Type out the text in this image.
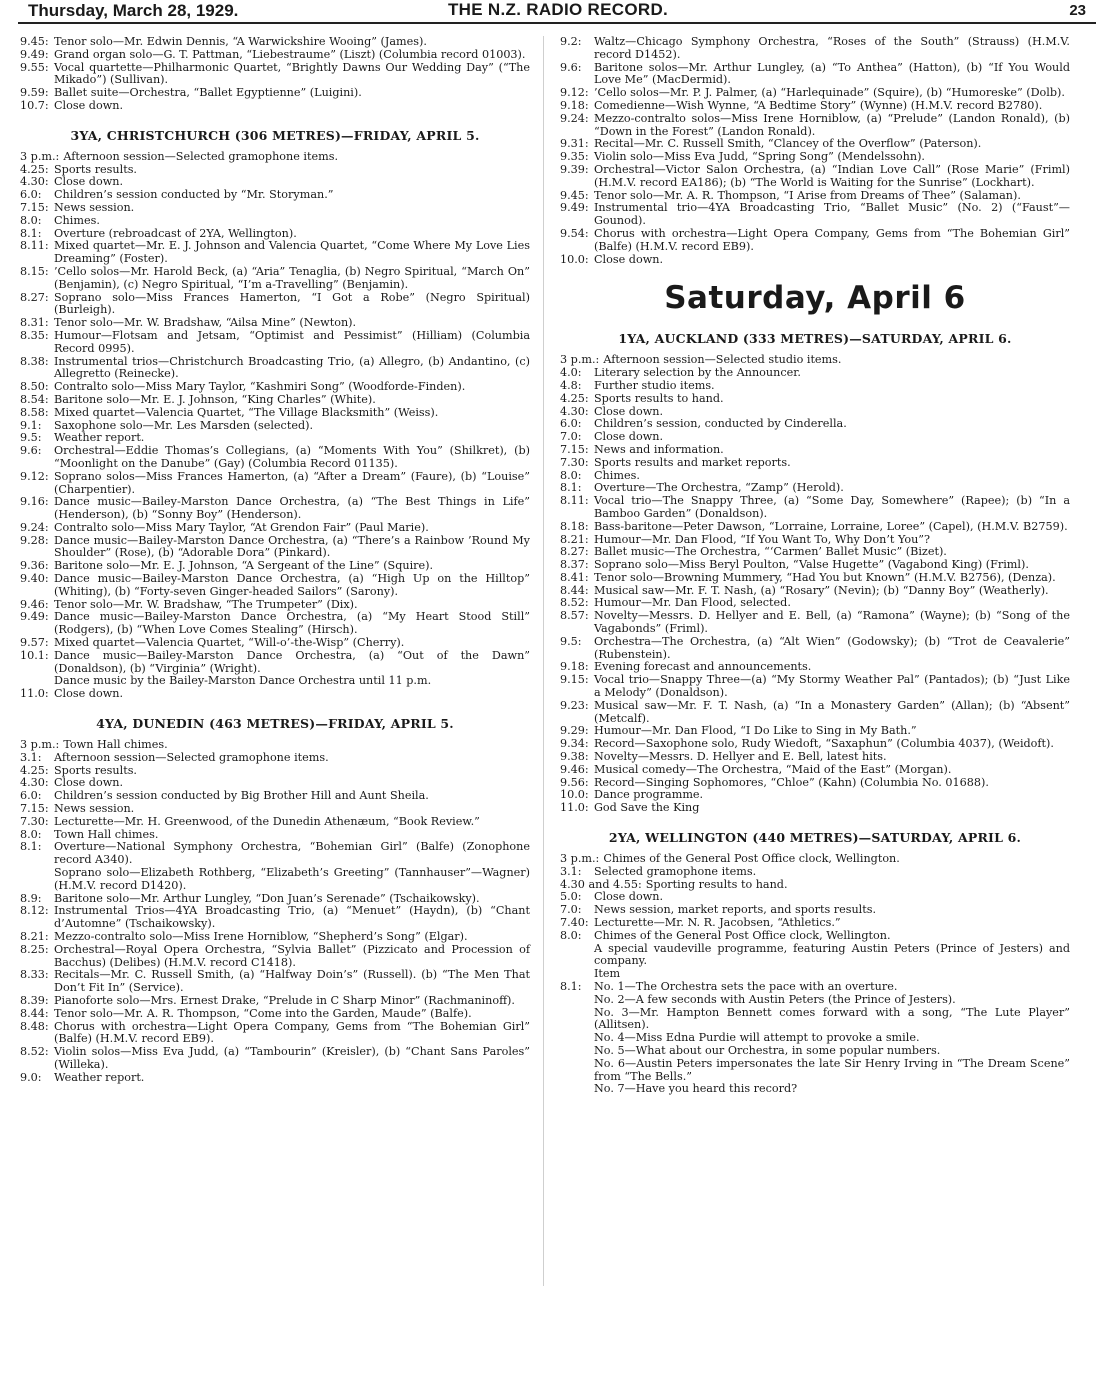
Thursday, March 28, 1929.	THE N.Z. RADIO RECORD.	23
9.45: Tenor solo—Mr. Edwin Dennis, “A Warwickshire Wooing” (James).
9.49: Grand organ solo—G. T. Pattman, “Liebestraume” (Liszt) (Columbia record 01003).
9.55: Vocal quartette—Philharmonic Quartet, “Brightly Dawns Our Wedding Day” (“The Mikado”) (Sullivan).
9.59: Ballet suite—Orchestra, “Ballet Egyptienne” (Luigini).
10.7: Close down.
3YA, CHRISTCHURCH (306 METRES)—FRIDAY, APRIL 5.
3 p.m.: Afternoon session—Selected gramophone items.
4.25: Sports results.
4.30: Close down.
6.0:	Children’s session conducted by “Mr. Storyman.”
7.15: News session.
8.0:	Chimes.
8.1:	Overture (rebroadcast of 2YA, Wellington).
8.11: Mixed quartet—Mr. E. J. Johnson and Valencia Quartet, “Come Where My Love Lies Dreaming” (Foster).
8.15: ’Cello solos—Mr. Harold Beck, (a) “Aria” Tenaglia, (b) Negro Spiritual, “March On” (Benjamin), (c) Negro Spiritual, “I’m a-Travelling” (Benjamin).
8.27: Soprano solo—Miss Frances Hamerton, “I Got a Robe” (Negro Spiritual) (Burleigh).
8.31: Tenor solo—Mr. W. Bradshaw, “Ailsa Mine” (Newton).
8.35: Humour—Flotsam and Jetsam, “Optimist and Pessimist” (Hilliam) (Columbia Record 0995).
8.38: Instrumental trios—Christchurch Broadcasting Trio, (a) Allegro, (b) Andantino, (c) Allegretto (Reinecke).
8.50: Contralto solo—Miss Mary Taylor, “Kashmiri Song” (Woodforde-Finden).
8.54: Baritone solo—Mr. E. J. Johnson, “King Charles” (White).
8.58: Mixed quartet—Valencia Quartet, “The Village Blacksmith” (Weiss).
9.1:	Saxophone solo—Mr. Les Marsden (selected).
9.5:	Weather report.
9.6:	Orchestral—Eddie Thomas’s Collegians, (a) “Moments With You” (Shilkret), (b) “Moonlight on the Danube” (Gay) (Columbia Record 01135).
9.12: Soprano solos—Miss Frances Hamerton, (a) “After a Dream” (Faure), (b) “Louise” (Charpentier).
9.16: Dance music—Bailey-Marston Dance Orchestra, (a) “The Best Things in Life” (Henderson), (b) “Sonny Boy” (Henderson).
9.24: Contralto solo—Miss Mary Taylor, “At Grendon Fair” (Paul Marie).
9.28: Dance music—Bailey-Marston Dance Orchestra, (a) “There’s a Rainbow ’Round My Shoulder” (Rose), (b) “Adorable Dora” (Pinkard).
9.36: Baritone solo—Mr. E. J. Johnson, “A Sergeant of the Line” (Squire).
9.40: Dance music—Bailey-Marston Dance Orchestra, (a) “High Up on the Hilltop” (Whiting), (b) “Forty-seven Ginger-headed Sailors” (Sarony).
9.46: Tenor solo—Mr. W. Bradshaw, “The Trumpeter” (Dix).
9.49: Dance music—Bailey-Marston Dance Orchestra, (a) “My Heart Stood Still” (Rodgers), (b) “When Love Comes Stealing” (Hirsch).
9.57: Mixed quartet—Valencia Quartet, “Will-o’-the-Wisp” (Cherry).
10.1: Dance music—Bailey-Marston Dance Orchestra, (a) “Out of the Dawn” (Donaldson), (b) “Virginia” (Wright).
Dance music by the Bailey-Marston Dance Orchestra until 11 p.m.
11.0: Close down.
4YA, DUNEDIN (463 METRES)—FRIDAY, APRIL 5.
3 p.m.: Town Hall chimes.
3.1:	Afternoon session—Selected gramophone items.
4.25: Sports results.
4.30: Close down.
6.0:	Children’s session conducted by Big Brother Hill and Aunt Sheila.
7.15: News session.
7.30: Lecturette—Mr. H. Greenwood, of the Dunedin Athenæum, “Book Review.”
8.0:	Town Hall chimes.
8.1:	Overture—National Symphony Orchestra, “Bohemian Girl” (Balfe) (Zonophone record A340).
Soprano solo—Elizabeth Rothberg, “Elizabeth’s Greeting” (Tannhauser”—Wagner) (H.M.V. record D1420).
8.9:	Baritone solo—Mr. Arthur Lungley, “Don Juan’s Serenade” (Tschaikowsky).
8.12: Instrumental Trios—4YA Broadcasting Trio, (a) “Menuet” (Haydn), (b) “Chant d’Automne” (Tschaikowsky).
8.21: Mezzo-contralto solo—Miss Irene Horniblow, “Shepherd’s Song” (Elgar).
8.25: Orchestral—Royal Opera Orchestra, “Sylvia Ballet” (Pizzicato and Procession of Bacchus) (Delibes) (H.M.V. record C1418).
8.33: Recitals—Mr. C. Russell Smith, (a) “Halfway Doin’s” (Russell). (b) “The Men That Don’t Fit In” (Service).
8.39: Pianoforte solo—Mrs. Ernest Drake, “Prelude in C Sharp Minor” (Rachmaninoff).
8.44: Tenor solo—Mr. A. R. Thompson, “Come into the Garden, Maude” (Balfe).
8.48: Chorus with orchestra—Light Opera Company, Gems from “The Bohemian Girl” (Balfe) (H.M.V. record EB9).
8.52: Violin solos—Miss Eva Judd, (a) “Tambourin” (Kreisler), (b) “Chant Sans Paroles” (Willeka).
9.0:	Weather report.
9.2:	Waltz—Chicago Symphony Orchestra, “Roses of the South” (Strauss) (H.M.V. record D1452).
9.6:	Baritone solos—Mr. Arthur Lungley, (a) “To Anthea” (Hatton), (b) “If You Would Love Me” (MacDermid).
9.12: ’Cello solos—Mr. P. J. Palmer, (a) “Harlequinade” (Squire), (b) “Humoreske” (Dolb).
9.18: Comedienne—Wish Wynne, “A Bedtime Story” (Wynne) (H.M.V. record B2780).
9.24: Mezzo-contralto solos—Miss Irene Horniblow, (a) “Prelude” (Landon Ronald), (b) “Down in the Forest” (Landon Ronald).
9.31: Recital—Mr. C. Russell Smith, “Clancey of the Overflow” (Paterson).
9.35: Violin solo—Miss Eva Judd, “Spring Song” (Mendelssohn).
9.39: Orchestral—Victor Salon Orchestra, (a) “Indian Love Call” (Rose Marie” (Friml) (H.M.V. record EA186); (b) “The World is Waiting for the Sunrise” (Lockhart).
9.45: Tenor solo—Mr. A. R. Thompson, “I Arise from Dreams of Thee” (Salaman).
9.49: Instrumental trio—4YA Broadcasting Trio, “Ballet Music” (No. 2) (“Faust”—Gounod).
9.54: Chorus with orchestra—Light Opera Company, Gems from “The Bohemian Girl” (Balfe) (H.M.V. record EB9).
10.0: Close down.
Saturday, April 6
1YA, AUCKLAND (333 METRES)—SATURDAY, APRIL 6.
3 p.m.: Afternoon session—Selected studio items.
4.0:	Literary selection by the Announcer.
4.8:	Further studio items.
4.25: Sports results to hand.
4.30: Close down.
6.0:	Children’s session, conducted by Cinderella.
7.0:	Close down.
7.15: News and information.
7.30: Sports results and market reports.
8.0:	Chimes.
8.1:	Overture—The Orchestra, “Zamp” (Herold).
8.11: Vocal trio—The Snappy Three, (a) “Some Day, Somewhere” (Rapee); (b) “In a Bamboo Garden” (Donaldson).
8.18: Bass-baritone—Peter Dawson, “Lorraine, Lorraine, Loree” (Capel), (H.M.V. B2759).
8.21: Humour—Mr. Dan Flood, “If You Want To, Why Don’t You”?
8.27: Ballet music—The Orchestra, “‘Carmen’ Ballet Music” (Bizet).
8.37: Soprano solo—Miss Beryl Poulton, “Valse Hugette” (Vagabond King) (Friml).
8.41: Tenor solo—Browning Mummery, “Had You but Known” (H.M.V. B2756), (Denza).
8.44: Musical saw—Mr. F. T. Nash, (a) “Rosary” (Nevin); (b) “Danny Boy” (Weatherly).
8.52: Humour—Mr. Dan Flood, selected.
8.57: Novelty—Messrs. D. Hellyer and E. Bell, (a) “Ramona” (Wayne); (b) “Song of the Vagabonds” (Friml).
9.5:	Orchestra—The Orchestra, (a) “Alt Wien” (Godowsky); (b) “Trot de Ceavalerie” (Rubenstein).
9.18: Evening forecast and announcements.
9.15: Vocal trio—Snappy Three—(a) “My Stormy Weather Pal” (Pantados); (b) “Just Like a Melody” (Donaldson).
9.23: Musical saw—Mr. F. T. Nash, (a) “In a Monastery Garden” (Allan); (b) “Absent” (Metcalf).
9.29: Humour—Mr. Dan Flood, “I Do Like to Sing in My Bath.”
9.34: Record—Saxophone solo, Rudy Wiedoft, “Saxaphun” (Columbia 4037), (Weidoft).
9.38: Novelty—Messrs. D. Hellyer and E. Bell, latest hits.
9.46: Musical comedy—The Orchestra, “Maid of the East” (Morgan).
9.56: Record—Singing Sophomores, “Chloe” (Kahn) (Columbia No. 01688).
10.0: Dance programme.
11.0: God Save the King
2YA, WELLINGTON (440 METRES)—SATURDAY, APRIL 6.
3 p.m.: Chimes of the General Post Office clock, Wellington.
3.1:	Selected gramophone items.
4.30 and 4.55: Sporting results to hand.
5.0:	Close down.
7.0:	News session, market reports, and sports results.
7.40: Lecturette—Mr. N. R. Jacobsen, “Athletics.”
8.0:	Chimes of the General Post Office clock, Wellington.
A special vaudeville programme, featuring Austin Peters (Prince of Jesters) and company.
Item
8.1:	No. 1—The Orchestra sets the pace with an overture.
No. 2—A few seconds with Austin Peters (the Prince of Jesters).
No. 3—Mr. Hampton Bennett comes forward with a song, “The Lute Player” (Allitsen).
No. 4—Miss Edna Purdie will attempt to provoke a smile.
No. 5—What about our Orchestra, in some popular numbers.
No. 6—Austin Peters impersonates the late Sir Henry Irving in “The Dream Scene” from “The Bells.”
No. 7—Have you heard this record?
